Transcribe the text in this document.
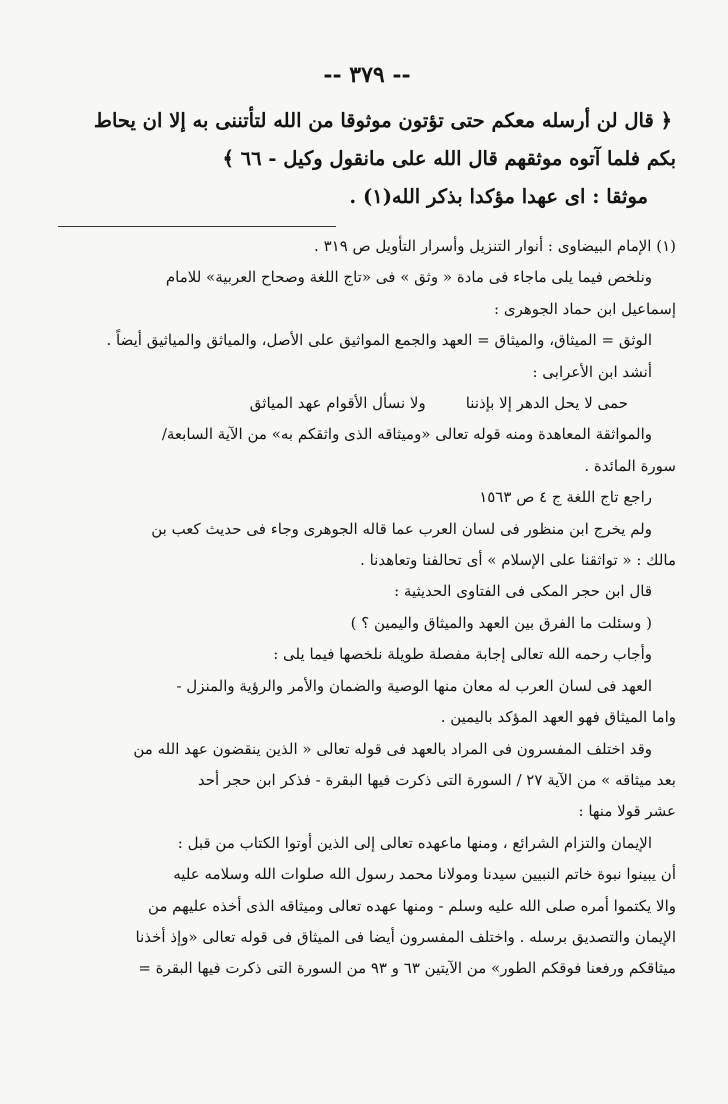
-- ٣٧٩ --

﴿ قال لن أرسله معكم حتى تؤتون موثوقا من الله لتأتننى به إلا ان يحاط

بكم فلما آتوه موثقهم قال الله على مانقول وكيل - ٦٦ ﴾

موثقا : اى عهدا مؤكدا بذكر الله(١) .

(١) الإمام البيضاوى : أنوار التنزيل وأسرار التأويل ص ٣١٩ .

ونلخص فيما يلى ماجاء فى مادة « وثق » فى «تاج اللغة وصحاح العربية» للامام

إسماعيل ابن حماد الجوهرى :

الوثق = الميثاق، والميثاق = العهد والجمع المواثيق على الأصل، والمياثق والمياثيق أيضاً .

أنشد ابن الأعرابى :

حمى لا يحل الدهر إلا بإذنناولا نسأل الأقوام عهد المياثق

والمواثقة المعاهدة ومنه قوله تعالى «وميثاقه الذى واثقكم به» من الآية السابعة/

سورة المائدة .

راجع تاج اللغة ج ٤ ص ١٥٦٣

ولم يخرج ابن منظور فى لسان العرب عما قاله الجوهرى وجاء فى حديث كعب بن

مالك : « تواثقنا على الإسلام » أى تحالفنا وتعاهدنا .

قال ابن حجر المكى فى الفتاوى الحديثية :

( وسئلت ما الفرق بين العهد والميثاق واليمين ؟ )

وأجاب رحمه الله تعالى إجابة مفصلة طويلة نلخصها فيما يلى :

العهد فى لسان العرب له معان منها الوصية والضمان والأمر والرؤية والمنزل -

واما الميثاق فهو العهد المؤكد باليمين .

وقد اختلف المفسرون فى المراد بالعهد فى قوله تعالى « الذين ينقضون عهد الله من

بعد ميثاقه » من الآية ٢٧ / السورة التى ذكرت فيها البقرة - فذكر ابن حجر أحد

عشر قولا منها :

الإيمان والتزام الشرائع ، ومنها ماعهده تعالى إلى الذين أوتوا الكتاب من قبل :

أن يبينوا نبوة خاتم النبيين سيدنا ومولانا محمد رسول الله صلوات الله وسلامه عليه

والا يكتموا أمره صلى الله عليه وسلم - ومنها عهده تعالى وميثاقه الذى أخذه عليهم من

الإيمان والتصديق برسله . واختلف المفسرون أيضا فى الميثاق فى قوله تعالى «وإذ أخذنا

ميثاقكم ورفعنا فوقكم الطور» من الآيتين ٦٣ و ٩٣ من السورة التى ذكرت فيها البقرة =
